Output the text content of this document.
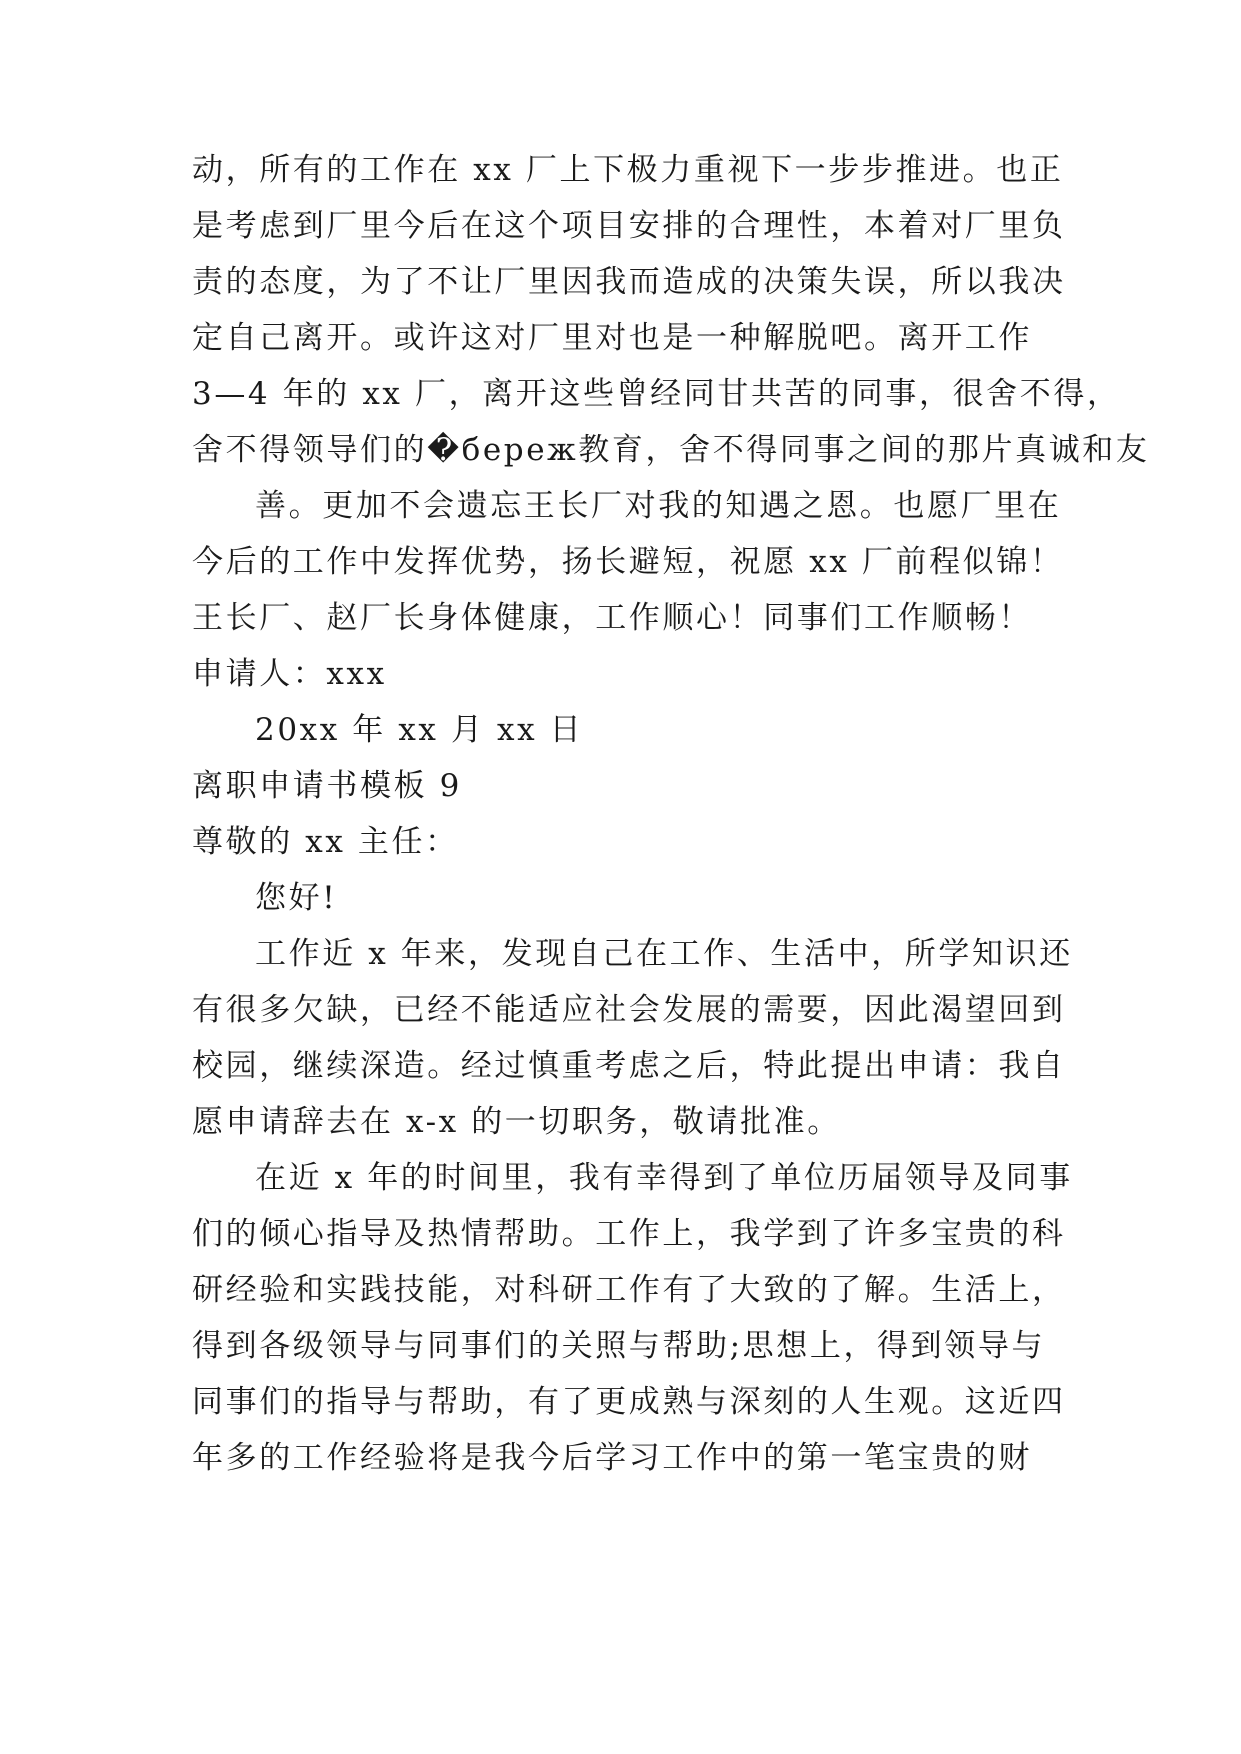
动，所有的工作在 xx 厂上下极力重视下一步步推进。也正
是考虑到厂里今后在这个项目安排的合理性，本着对厂里负
责的态度，为了不让厂里因我而造成的决策失误，所以我决
定自己离开。或许这对厂里对也是一种解脱吧。离开工作
3—4 年的 xx 厂，离开这些曾经同甘共苦的同事，很舍不得，
舍不得领导们的�береж教育，舍不得同事之间的那片真诚和友
善。更加不会遗忘王长厂对我的知遇之恩。也愿厂里在
今后的工作中发挥优势，扬长避短，祝愿 xx 厂前程似锦！
王长厂、赵厂长身体健康，工作顺心！同事们工作顺畅！
申请人：xxx
20xx 年 xx 月 xx 日
离职申请书模板 9
尊敬的 xx 主任：
您好!
工作近 x 年来，发现自己在工作、生活中，所学知识还
有很多欠缺，已经不能适应社会发展的需要，因此渴望回到
校园，继续深造。经过慎重考虑之后，特此提出申请：我自
愿申请辞去在 x-x 的一切职务，敬请批准。
在近 x 年的时间里，我有幸得到了单位历届领导及同事
们的倾心指导及热情帮助。工作上，我学到了许多宝贵的科
研经验和实践技能，对科研工作有了大致的了解。生活上，
得到各级领导与同事们的关照与帮助;思想上，得到领导与
同事们的指导与帮助，有了更成熟与深刻的人生观。这近四
年多的工作经验将是我今后学习工作中的第一笔宝贵的财
